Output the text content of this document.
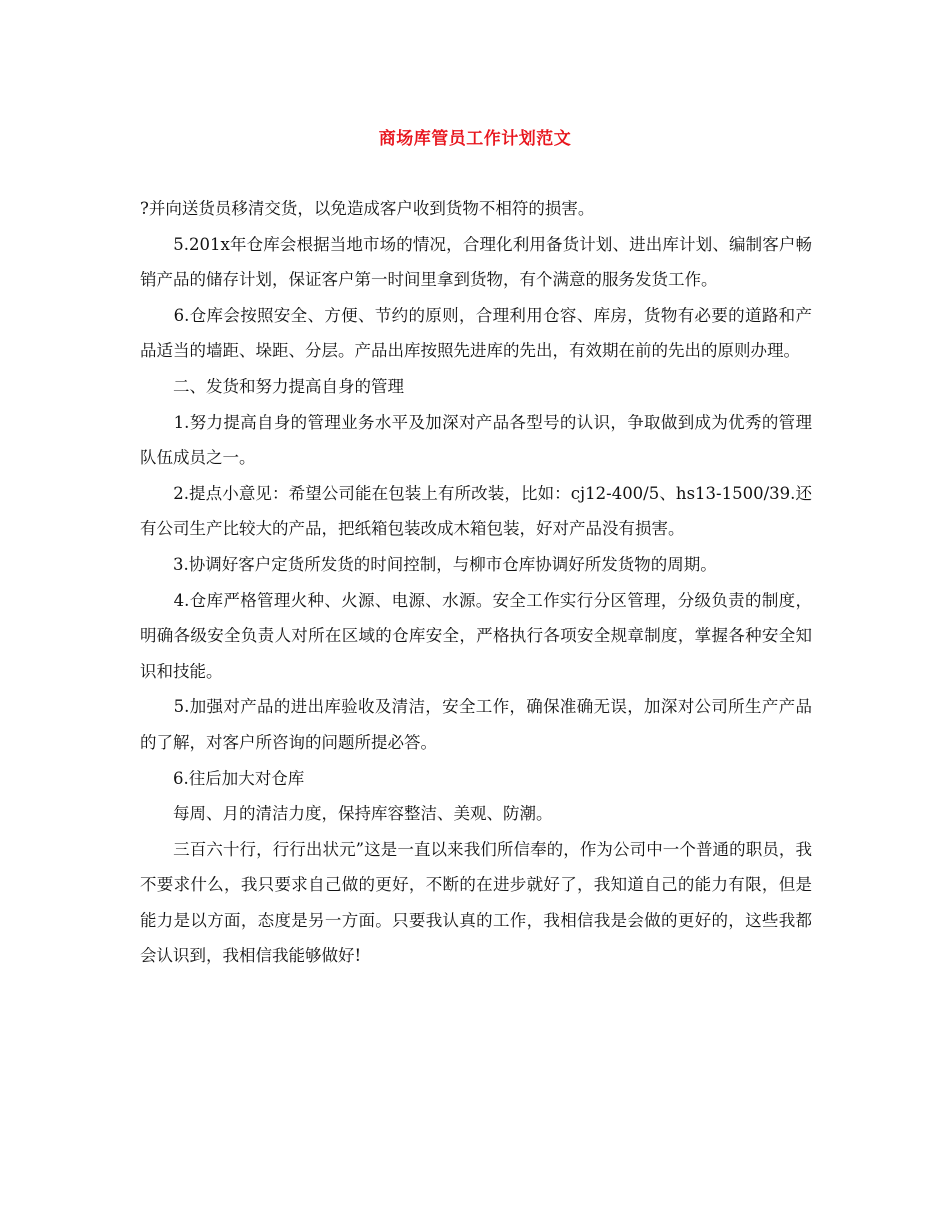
商场库管员工作计划范文

?并向送货员移清交货，以免造成客户收到货物不相符的损害。

　　5.201x年仓库会根据当地市场的情况，合理化利用备货计划、进出库计划、编制客户畅销产品的储存计划，保证客户第一时间里拿到货物，有个满意的服务发货工作。

　　6.仓库会按照安全、方便、节约的原则，合理利用仓容、库房，货物有必要的道路和产品适当的墙距、垛距、分层。产品出库按照先进库的先出，有效期在前的先出的原则办理。

　　二、发货和努力提高自身的管理

　　1.努力提高自身的管理业务水平及加深对产品各型号的认识，争取做到成为优秀的管理队伍成员之一。

　　2.提点小意见：希望公司能在包装上有所改装，比如：cj12-400/5、hs13-1500/39.还有公司生产比较大的产品，把纸箱包装改成木箱包装，好对产品没有损害。

　　3.协调好客户定货所发货的时间控制，与柳市仓库协调好所发货物的周期。

　　4.仓库严格管理火种、火源、电源、水源。安全工作实行分区管理，分级负责的制度，明确各级安全负责人对所在区域的仓库安全，严格执行各项安全规章制度，掌握各种安全知识和技能。

　　5.加强对产品的进出库验收及清洁，安全工作，确保准确无误，加深对公司所生产产品的了解，对客户所咨询的问题所提必答。

　　6.往后加大对仓库

　　每周、月的清洁力度，保持库容整洁、美观、防潮。

　　三百六十行，行行出状元”这是一直以来我们所信奉的，作为公司中一个普通的职员，我不要求什么，我只要求自己做的更好，不断的在进步就好了，我知道自己的能力有限，但是能力是以方面，态度是另一方面。只要我认真的工作，我相信我是会做的更好的，这些我都会认识到，我相信我能够做好!
